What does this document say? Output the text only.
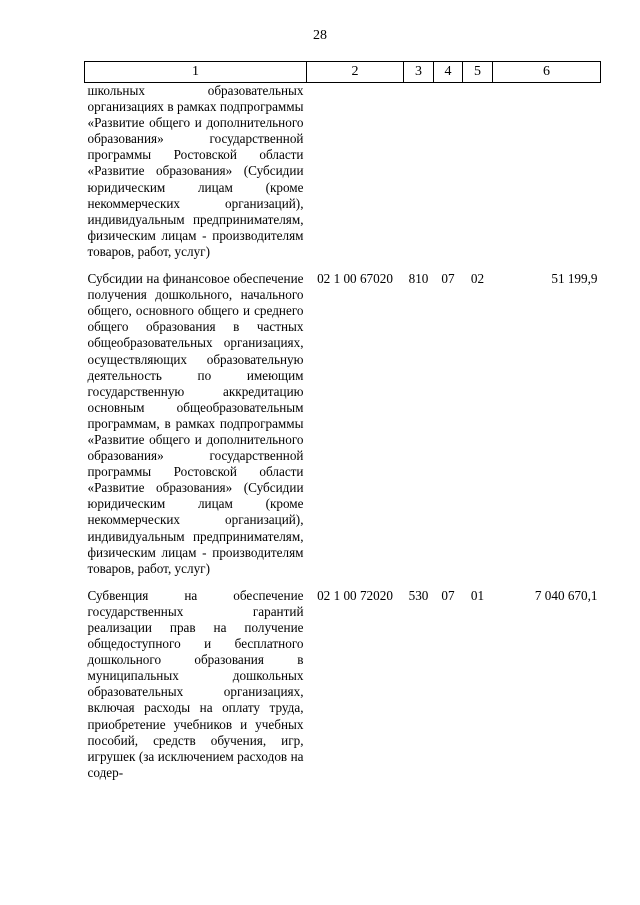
28
1	2	3	4	5	6
школьных образовательных организациях в рамках подпрограммы «Развитие общего и дополнительного образования» государственной программы Ростовской области «Развитие образования» (Субсидии юридическим лицам (кроме некоммерческих организаций), индивидуальным предпринимателям, физическим лицам - производителям товаров, работ, услуг)					
Субсидии на финансовое обеспечение получения дошкольного, начального общего, основного общего и среднего общего образования в частных общеобразовательных организациях, осуществляющих образовательную деятельность по имеющим государственную аккредитацию основным общеобразовательным программам, в рамках подпрограммы «Развитие общего и дополнительного образования» государственной программы Ростовской области «Развитие образования» (Субсидии юридическим лицам (кроме некоммерческих организаций), индивидуальным предпринимателям, физическим лицам - производителям товаров, работ, услуг)	02 1 00 67020	810	07	02	51 199,9
Субвенция на обеспечение государственных гарантий реализации прав на получение общедоступного и бесплатного дошкольного образования в муниципальных дошкольных образовательных организациях, включая расходы на оплату труда, приобретение учебников и учебных пособий, средств обучения, игр, игрушек (за исключением расходов на содер-	02 1 00 72020	530	07	01	7 040 670,1
